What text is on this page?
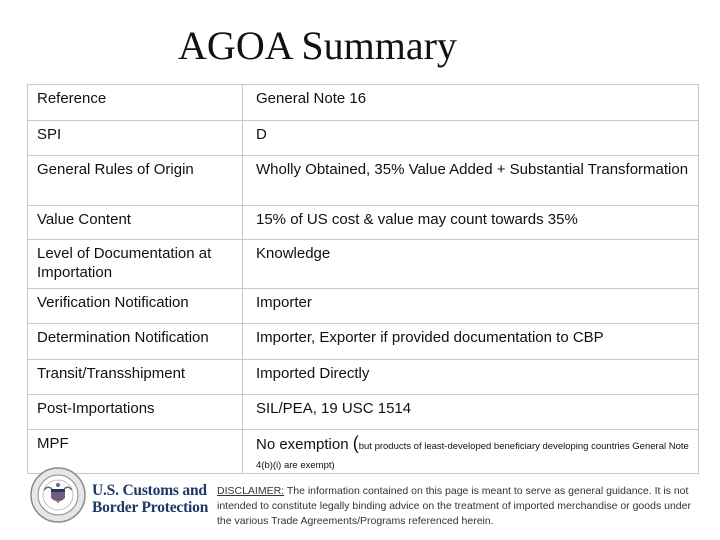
AGOA Summary
Reference	General Note 16
SPI	D
General Rules of Origin	Wholly Obtained, 35% Value Added + Substantial Transformation
Value Content	15% of US cost & value may count towards 35%
Level of Documentation at Importation	Knowledge
Verification Notification	Importer
Determination Notification	Importer, Exporter if provided documentation to CBP
Transit/Transshipment	Imported Directly
Post-Importations	SIL/PEA, 19 USC 1514
MPF	No exemption (but products of least-developed beneficiary developing countries General Note 4(b)(i) are exempt)
U.S. Customs and
Border Protection
DISCLAIMER: The information contained on this page is meant to serve as general guidance. It is not intended to constitute legally binding advice on the treatment of imported merchandise or goods under the various Trade Agreements/Programs referenced herein.
